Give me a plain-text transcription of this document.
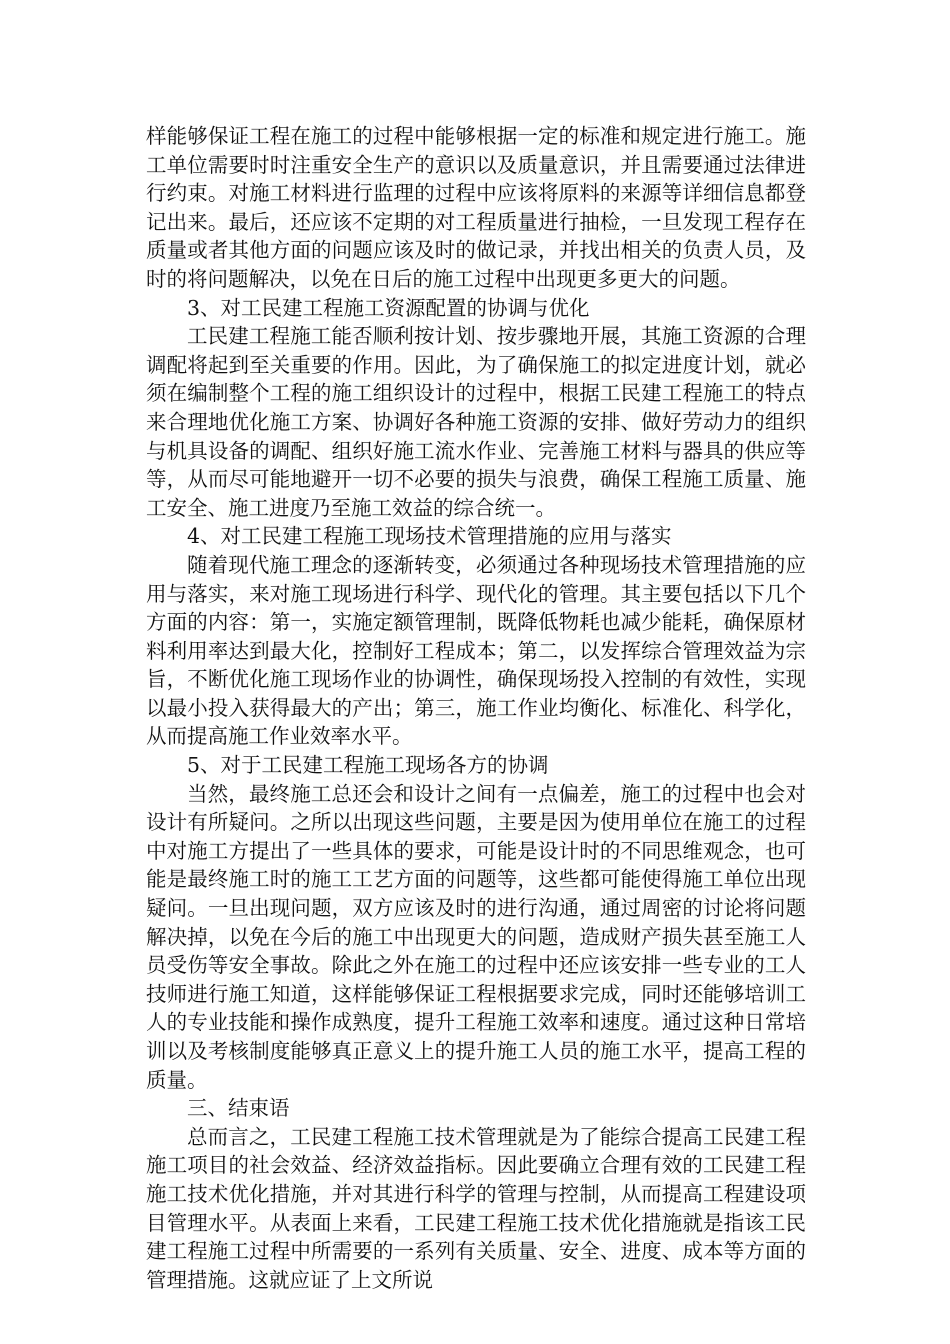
样能够保证工程在施工的过程中能够根据一定的标准和规定进行施工。施工单位需要时时注重安全生产的意识以及质量意识，并且需要通过法律进行约束。对施工材料进行监理的过程中应该将原料的来源等详细信息都登记出来。最后，还应该不定期的对工程质量进行抽检，一旦发现工程存在质量或者其他方面的问题应该及时的做记录，并找出相关的负责人员，及时的将问题解决，以免在日后的施工过程中出现更多更大的问题。

3、对工民建工程施工资源配置的协调与优化

工民建工程施工能否顺利按计划、按步骤地开展，其施工资源的合理调配将起到至关重要的作用。因此，为了确保施工的拟定进度计划，就必须在编制整个工程的施工组织设计的过程中，根据工民建工程施工的特点来合理地优化施工方案、协调好各种施工资源的安排、做好劳动力的组织与机具设备的调配、组织好施工流水作业、完善施工材料与器具的供应等等，从而尽可能地避开一切不必要的损失与浪费，确保工程施工质量、施工安全、施工进度乃至施工效益的综合统一。

4、对工民建工程施工现场技术管理措施的应用与落实

随着现代施工理念的逐渐转变，必须通过各种现场技术管理措施的应用与落实，来对施工现场进行科学、现代化的管理。其主要包括以下几个方面的内容：第一，实施定额管理制，既降低物耗也减少能耗，确保原材料利用率达到最大化，控制好工程成本；第二，以发挥综合管理效益为宗旨，不断优化施工现场作业的协调性，确保现场投入控制的有效性，实现以最小投入获得最大的产出；第三，施工作业均衡化、标准化、科学化，从而提高施工作业效率水平。

5、对于工民建工程施工现场各方的协调

当然，最终施工总还会和设计之间有一点偏差，施工的过程中也会对设计有所疑问。之所以出现这些问题，主要是因为使用单位在施工的过程中对施工方提出了一些具体的要求，可能是设计时的不同思维观念，也可能是最终施工时的施工工艺方面的问题等，这些都可能使得施工单位出现疑问。一旦出现问题，双方应该及时的进行沟通，通过周密的讨论将问题解决掉，以免在今后的施工中出现更大的问题，造成财产损失甚至施工人员受伤等安全事故。除此之外在施工的过程中还应该安排一些专业的工人技师进行施工知道，这样能够保证工程根据要求完成，同时还能够培训工人的专业技能和操作成熟度，提升工程施工效率和速度。通过这种日常培训以及考核制度能够真正意义上的提升施工人员的施工水平，提高工程的质量。

三、结束语

总而言之，工民建工程施工技术管理就是为了能综合提高工民建工程施工项目的社会效益、经济效益指标。因此要确立合理有效的工民建工程施工技术优化措施，并对其进行科学的管理与控制，从而提高工程建设项目管理水平。从表面上来看，工民建工程施工技术优化措施就是指该工民建工程施工过程中所需要的一系列有关质量、安全、进度、成本等方面的管理措施。这就应证了上文所说
